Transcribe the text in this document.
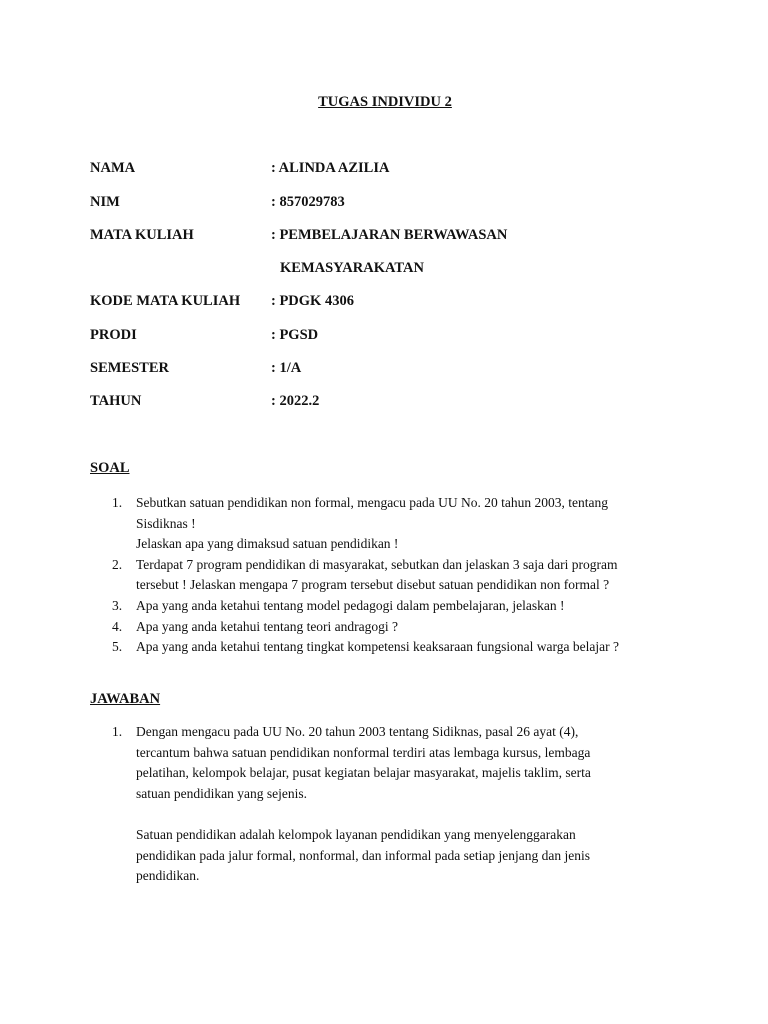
TUGAS INDIVIDU 2
NAMA	: ALINDA AZILIA
NIM	: 857029783
MATA KULIAH	: PEMBELAJARAN BERWAWASAN
KEMASYARAKATAN
KODE MATA KULIAH : PDGK 4306
PRODI	: PGSD
SEMESTER	: 1/A
TAHUN	: 2022.2
SOAL
1. Sebutkan satuan pendidikan non formal, mengacu pada UU No. 20 tahun 2003, tentang
Sisdiknas !
Jelaskan apa yang dimaksud satuan pendidikan !
2. Terdapat 7 program pendidikan di masyarakat, sebutkan dan jelaskan 3 saja dari program
tersebut ! Jelaskan mengapa 7 program tersebut disebut satuan pendidikan non formal ?
3. Apa yang anda ketahui tentang model pedagogi dalam pembelajaran, jelaskan !
4. Apa yang anda ketahui tentang teori andragogi ?
5. Apa yang anda ketahui tentang tingkat kompetensi keaksaraan fungsional warga belajar ?
JAWABAN
1. Dengan mengacu pada UU No. 20 tahun 2003 tentang Sidiknas, pasal 26 ayat (4),
tercantum bahwa satuan pendidikan nonformal terdiri atas lembaga kursus, lembaga
pelatihan, kelompok belajar, pusat kegiatan belajar masyarakat, majelis taklim, serta
satuan pendidikan yang sejenis.
Satuan pendidikan adalah kelompok layanan pendidikan yang menyelenggarakan
pendidikan pada jalur formal, nonformal, dan informal pada setiap jenjang dan jenis
pendidikan.
